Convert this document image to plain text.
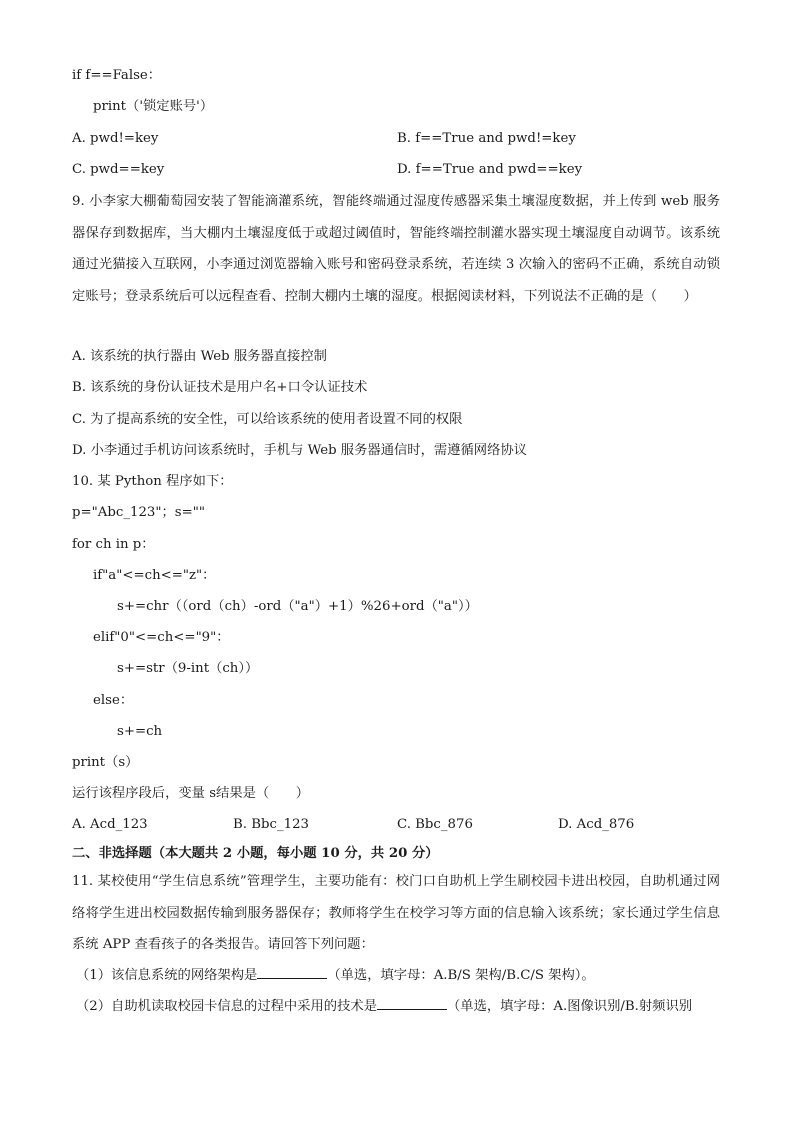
if f==False：
print（'锁定账号'）
A. pwd!=key	B. f==True and pwd!=key
C. pwd==key	D. f==True and pwd==key
9. 小李家大棚葡萄园安装了智能滴灌系统，智能终端通过湿度传感器采集土壤湿度数据，并上传到 web 服务器保存到数据库，当大棚内土壤湿度低于或超过阈值时，智能终端控制灌水器实现土壤湿度自动调节。该系统通过光猫接入互联网，小李通过浏览器输入账号和密码登录系统，若连续 3 次输入的密码不正确，系统自动锁定账号；登录系统后可以远程查看、控制大棚内土壤的湿度。根据阅读材料，下列说法不正确的是（　　）
A. 该系统的执行器由 Web 服务器直接控制
B. 该系统的身份认证技术是用户名+口令认证技术
C. 为了提高系统的安全性，可以给该系统的使用者设置不同的权限
D. 小李通过手机访问该系统时，手机与 Web 服务器通信时，需遵循网络协议
10. 某 Python 程序如下：
p="Abc_123"；s=""
for ch in p：
if"a"<=ch<="z"：
s+=chr（（ord（ch）-ord（"a"）+1）%26+ord（"a"））
elif"0"<=ch<="9"：
s+=str（9-int（ch））
else：
s+=ch
print（s）
运行该程序段后，变量 s结果是（　　）
A. Acd_123	B. Bbc_123	C. Bbc_876	D. Acd_876
二、非选择题（本大题共 2 小题，每小题 10 分，共 20 分）
11. 某校使用“学生信息系统”管理学生，主要功能有：校门口自助机上学生刷校园卡进出校园，自助机通过网络将学生进出校园数据传输到服务器保存；教师将学生在校学习等方面的信息输入该系统；家长通过学生信息系统 APP 查看孩子的各类报告。请回答下列问题：
（1）该信息系统的网络架构是	（单选，填字母：A.B/S 架构/B.C/S 架构）。
（2）自助机读取校园卡信息的过程中采用的技术是	（单选，填字母：A.图像识别/B.射频识别
